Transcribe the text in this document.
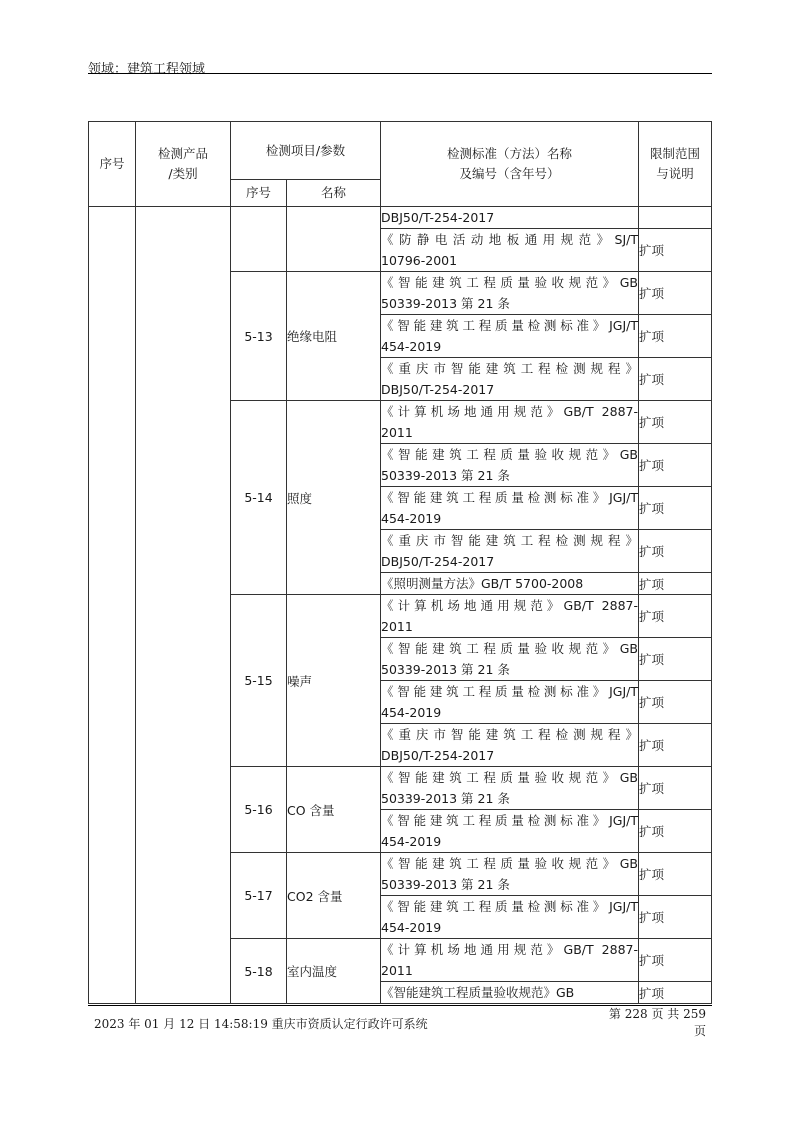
领域：建筑工程领域
序号	检测产品
/类别	检测项目/参数		检测标准（方法）名称
及编号（含年号）	限制范围
与说明
		序号	名称		

				DBJ50/T-254-2017	

				《防静电活动地板通用规范》SJ/T
10796-2001	扩项
		5-13	绝缘电阻	《智能建筑工程质量验收规范》GB
50339-2013 第 21 条	扩项

				《智能建筑工程质量检测标准》JGJ/T
454-2019	扩项

				《重庆市智能建筑工程检测规程》
DBJ50/T-254-2017	扩项
		5-14	照度	《计算机场地通用规范》GB/T 2887-
2011	扩项

				《智能建筑工程质量验收规范》GB
50339-2013 第 21 条	扩项

				《智能建筑工程质量检测标准》JGJ/T
454-2019	扩项

				《重庆市智能建筑工程检测规程》
DBJ50/T-254-2017	扩项

				《照明测量方法》GB/T 5700-2008	扩项
		5-15	噪声	《计算机场地通用规范》GB/T 2887-
2011	扩项

				《智能建筑工程质量验收规范》GB
50339-2013 第 21 条	扩项

				《智能建筑工程质量检测标准》JGJ/T
454-2019	扩项

				《重庆市智能建筑工程检测规程》
DBJ50/T-254-2017	扩项
		5-16	CO 含量	《智能建筑工程质量验收规范》GB
50339-2013 第 21 条	扩项

				《智能建筑工程质量检测标准》JGJ/T
454-2019	扩项
		5-17	CO2 含量	《智能建筑工程质量验收规范》GB
50339-2013 第 21 条	扩项

				《智能建筑工程质量检测标准》JGJ/T
454-2019	扩项
		5-18	室内温度	《计算机场地通用规范》GB/T 2887-
2011	扩项

				《智能建筑工程质量验收规范》GB	扩项
2023 年 01 月 12 日 14:58:19 重庆市资质认定行政许可系统
第 228 页 共 259
页
